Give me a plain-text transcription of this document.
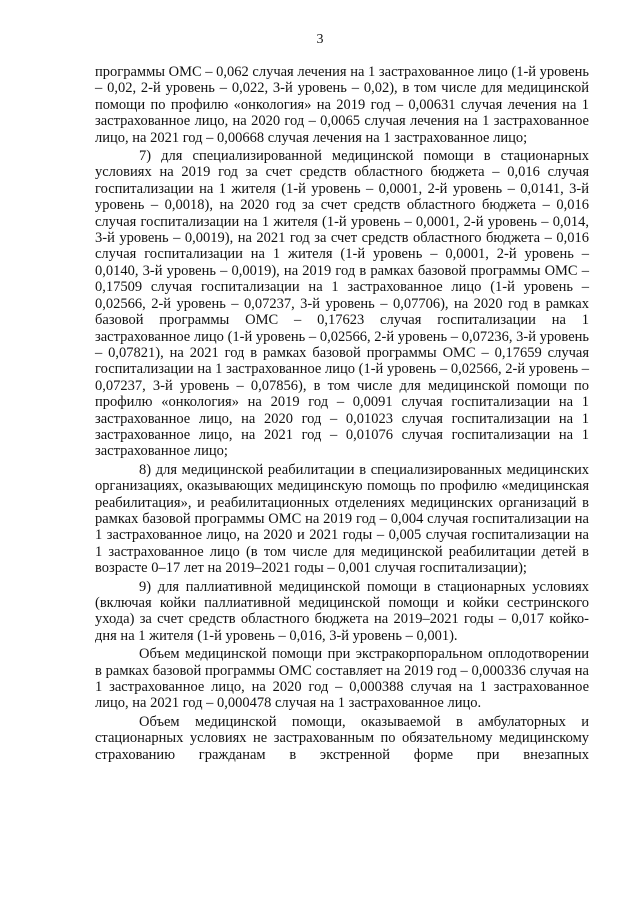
3

программы ОМС – 0,062 случая лечения на 1 застрахованное лицо (1-й уровень – 0,02, 2-й уровень – 0,022, 3-й уровень – 0,02), в том числе для медицинской помощи по профилю «онкология» на 2019 год – 0,00631 случая лечения на 1 застрахованное лицо, на 2020 год – 0,0065 случая лечения на 1 застрахованное лицо, на 2021 год – 0,00668 случая лечения на 1 застрахованное лицо;

7) для специализированной медицинской помощи в стационарных условиях на 2019 год за счет средств областного бюджета – 0,016 случая госпитализации на 1 жителя (1-й уровень – 0,0001, 2-й уровень – 0,0141, 3-й уровень – 0,0018), на 2020 год за счет средств областного бюджета – 0,016 случая госпитализации на 1 жителя (1-й уровень – 0,0001, 2-й уровень – 0,014, 3-й уровень – 0,0019), на 2021 год за счет средств областного бюджета – 0,016 случая госпитализации на 1 жителя (1-й уровень – 0,0001, 2-й уровень – 0,0140, 3-й уровень – 0,0019), на 2019 год в рамках базовой программы ОМС – 0,17509 случая госпитализации на 1 застрахованное лицо (1-й уровень – 0,02566, 2-й уровень – 0,07237, 3-й уровень – 0,07706), на 2020 год в рамках базовой программы ОМС – 0,17623 случая госпитализации на 1 застрахованное лицо (1-й уровень – 0,02566, 2-й уровень – 0,07236, 3-й уровень – 0,07821), на 2021 год в рамках базовой программы ОМС – 0,17659 случая госпитализации на 1 застрахованное лицо (1-й уровень – 0,02566, 2-й уровень – 0,07237, 3-й уровень – 0,07856), в том числе для медицинской помощи по профилю «онкология» на 2019 год – 0,0091 случая госпитализации на 1 застрахованное лицо, на 2020 год – 0,01023 случая госпитализации на 1 застрахованное лицо, на 2021 год – 0,01076 случая госпитализации на 1 застрахованное лицо;

8) для медицинской реабилитации в специализированных медицинских организациях, оказывающих медицинскую помощь по профилю «медицинская реабилитация», и реабилитационных отделениях медицинских организаций в рамках базовой программы ОМС на 2019 год – 0,004 случая госпитализации на 1 застрахованное лицо, на 2020 и 2021 годы – 0,005 случая госпитализации на 1 застрахованное лицо (в том числе для медицинской реабилитации детей в возрасте 0–17 лет на 2019–2021 годы – 0,001 случая госпитализации);

9) для паллиативной медицинской помощи в стационарных условиях (включая койки паллиативной медицинской помощи и койки сестринского ухода) за счет средств областного бюджета на 2019–2021 годы – 0,017 койко-дня на 1 жителя (1-й уровень – 0,016, 3-й уровень – 0,001).

Объем медицинской помощи при экстракорпоральном оплодотворении в рамках базовой программы ОМС составляет на 2019 год – 0,000336 случая на 1 застрахованное лицо, на 2020 год – 0,000388 случая на 1 застрахованное лицо, на 2021 год – 0,000478 случая на 1 застрахованное лицо.

Объем медицинской помощи, оказываемой в амбулаторных и стационарных условиях не застрахованным по обязательному медицинскому страхованию гражданам в экстренной форме при внезапных
